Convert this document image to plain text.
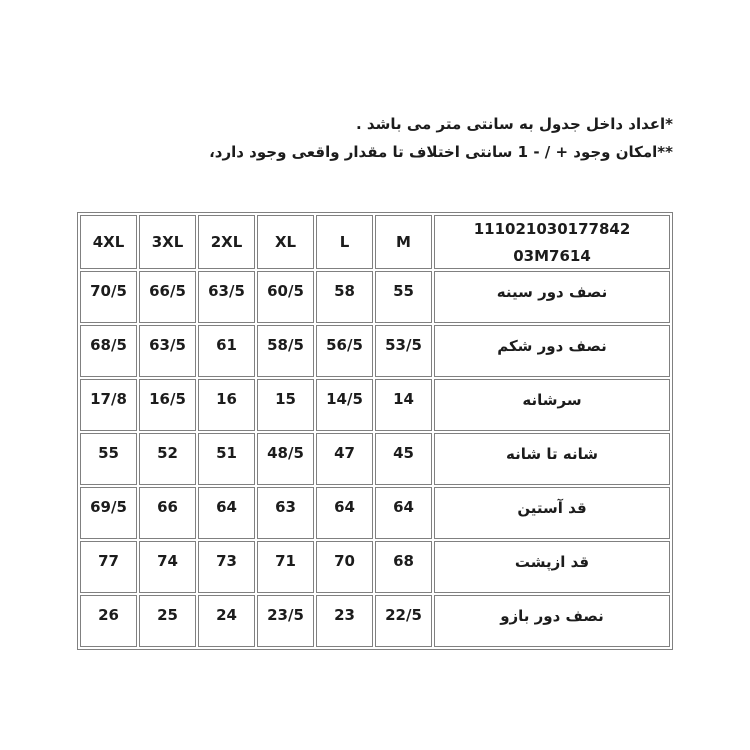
*اعداد داخل جدول به سانتی متر می باشد .
**امکان وجود + / - 1 سانتی اختلاف تا مقدار واقعی وجود دارد،
4XL	3XL	2XL	XL	L	M	111021030177842
03M7614

70/5	66/5	63/5	60/5	58	55	نصف دور سینه
68/5	63/5	61	58/5	56/5	53/5	نصف دور شکم
17/8	16/5	16	15	14/5	14	سرشانه
55	52	51	48/5	47	45	شانه تا شانه
69/5	66	64	63	64	64	قد آستین
77	74	73	71	70	68	قد ازپشت
26	25	24	23/5	23	22/5	نصف دور بازو
